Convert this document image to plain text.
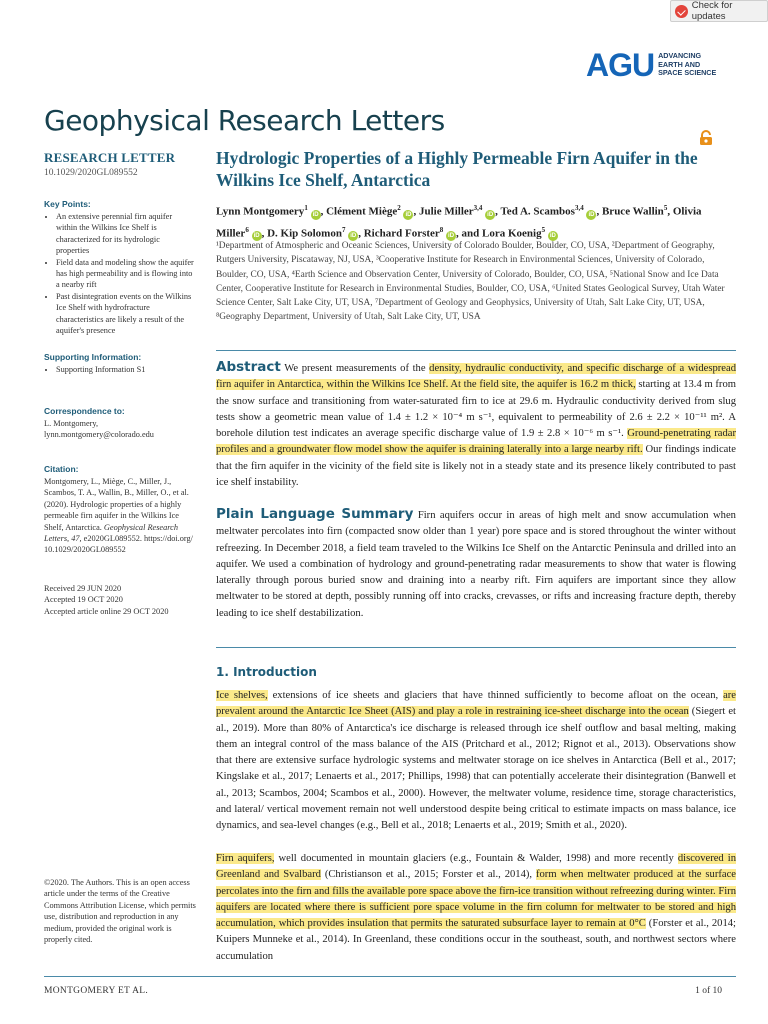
Check for updates
AGU ADVANCING
EARTH AND
SPACE SCIENCE
Geophysical Research Letters
RESEARCH LETTER
10.1029/2020GL089552
Key Points:
• An extensive perennial firn aquifer within the Wilkins Ice Shelf is characterized for its hydrologic properties
• Field data and modeling show the aquifer has high permeability and is flowing into a nearby rift
• Past disintegration events on the Wilkins Ice Shelf with hydrofracture characteristics are likely a result of the aquifer's presence
Supporting Information:
• Supporting Information S1
Correspondence to:
L. Montgomery,
lynn.montgomery@colorado.edu
Citation:
Montgomery, L., Miège, C., Miller, J., Scambos, T. A., Wallin, B., Miller, O., et al. (2020). Hydrologic properties of a highly permeable firn aquifer in the Wilkins Ice Shelf, Antarctica. Geophysical Research Letters, 47, e2020GL089552. https://doi.org/ 10.1029/2020GL089552
Received 29 JUN 2020
Accepted 19 OCT 2020
Accepted article online 29 OCT 2020
©2020. The Authors. This is an open access article under the terms of the Creative Commons Attribution License, which permits use, distribution and reproduction in any medium, provided the original work is properly cited.
Hydrologic Properties of a Highly Permeable Firn Aquifer in the Wilkins Ice Shelf, Antarctica
Lynn Montgomery$^1$ iD , Clément Miège$^2$ iD , Julie Miller$^{3,4}$ iD , Ted A. Scambos$^{3,4}$ iD , Bruce Wallin$^5$, Olivia Miller$^6$ iD , D. Kip Solomon$^7$ iD , Richard Forster$^8$ iD , and Lora Koenig$^5$ iD
¹Department of Atmospheric and Oceanic Sciences, University of Colorado Boulder, Boulder, CO, USA, ²Department of Geography, Rutgers University, Piscataway, NJ, USA, ³Cooperative Institute for Research in Environmental Sciences, University of Colorado, Boulder, CO, USA, ⁴Earth Science and Observation Center, University of Colorado, Boulder, CO, USA, ⁵National Snow and Ice Data Center, Cooperative Institute for Research in Environmental Studies, Boulder, CO, USA, ⁶United States Geological Survey, Utah Water Science Center, Salt Lake City, UT, USA, ⁷Department of Geology and Geophysics, University of Utah, Salt Lake City, UT, USA, ⁸Geography Department, University of Utah, Salt Lake City, UT, USA
Abstract We present measurements of the density, hydraulic conductivity, and specific discharge of a widespread firn aquifer in Antarctica, within the Wilkins Ice Shelf. At the field site, the aquifer is 16.2 m thick, starting at 13.4 m from the snow surface and transitioning from water-saturated firn to ice at 29.6 m. Hydraulic conductivity derived from slug tests show a geometric mean value of 1.4 ± 1.2 × 10⁻⁴ m s⁻¹, equivalent to permeability of 2.6 ± 2.2 × 10⁻¹¹ m². A borehole dilution test indicates an average specific discharge value of 1.9 ± 2.8 × 10⁻⁶ m s⁻¹. Ground-penetrating radar profiles and a groundwater flow model show the aquifer is draining laterally into a large nearby rift. Our findings indicate that the firn aquifer in the vicinity of the field site is likely not in a steady state and its presence likely contributed to past ice shelf instability.
Plain Language Summary Firn aquifers occur in areas of high melt and snow accumulation when meltwater percolates into firn (compacted snow older than 1 year) pore space and is stored throughout the winter without refreezing. In December 2018, a field team traveled to the Wilkins Ice Shelf on the Antarctic Peninsula and drilled into an aquifer. We used a combination of hydrology and ground-penetrating radar measurements to show that water is flowing laterally through porous buried snow and draining into a nearby rift. Firn aquifers are important since they allow meltwater to be stored at depth, possibly running off into cracks, crevasses, or rifts and increasing fracture depth, thereby leading to ice shelf destabilization.
1. Introduction
Ice shelves, extensions of ice sheets and glaciers that have thinned sufficiently to become afloat on the ocean, are prevalent around the Antarctic Ice Sheet (AIS) and play a role in restraining ice-sheet discharge into the ocean (Siegert et al., 2019). More than 80% of Antarctica's ice discharge is released through ice shelf outflow and basal melting, making them an integral control of the mass balance of the AIS (Pritchard et al., 2012; Rignot et al., 2013). Observations show that there are extensive surface hydrologic systems and meltwater storage on ice shelves in Antarctica (Bell et al., 2017; Kingslake et al., 2017; Lenaerts et al., 2017; Phillips, 1998) that can potentially accelerate their disintegration (Banwell et al., 2013; Scambos, 2004; Scambos et al., 2000). However, the meltwater volume, residence time, storage characteristics, and lateral/ vertical movement remain not well understood despite being critical to estimate impacts on mass balance, ice dynamics, and sea-level changes (e.g., Bell et al., 2018; Lenaerts et al., 2019; Smith et al., 2020).
Firn aquifers, well documented in mountain glaciers (e.g., Fountain & Walder, 1998) and more recently discovered in Greenland and Svalbard (Christianson et al., 2015; Forster et al., 2014), form when meltwater produced at the surface percolates into the firn and fills the available pore space above the firn-ice transition without refreezing during winter. Firn aquifers are located where there is sufficient pore space volume in the firn column for meltwater to be stored and high accumulation, which provides insulation that permits the saturated subsurface layer to remain at 0°C (Forster et al., 2014; Kuipers Munneke et al., 2014). In Greenland, these conditions occur in the southeast, south, and northwest sectors where accumulation
MONTGOMERY ET AL.	1 of 10
